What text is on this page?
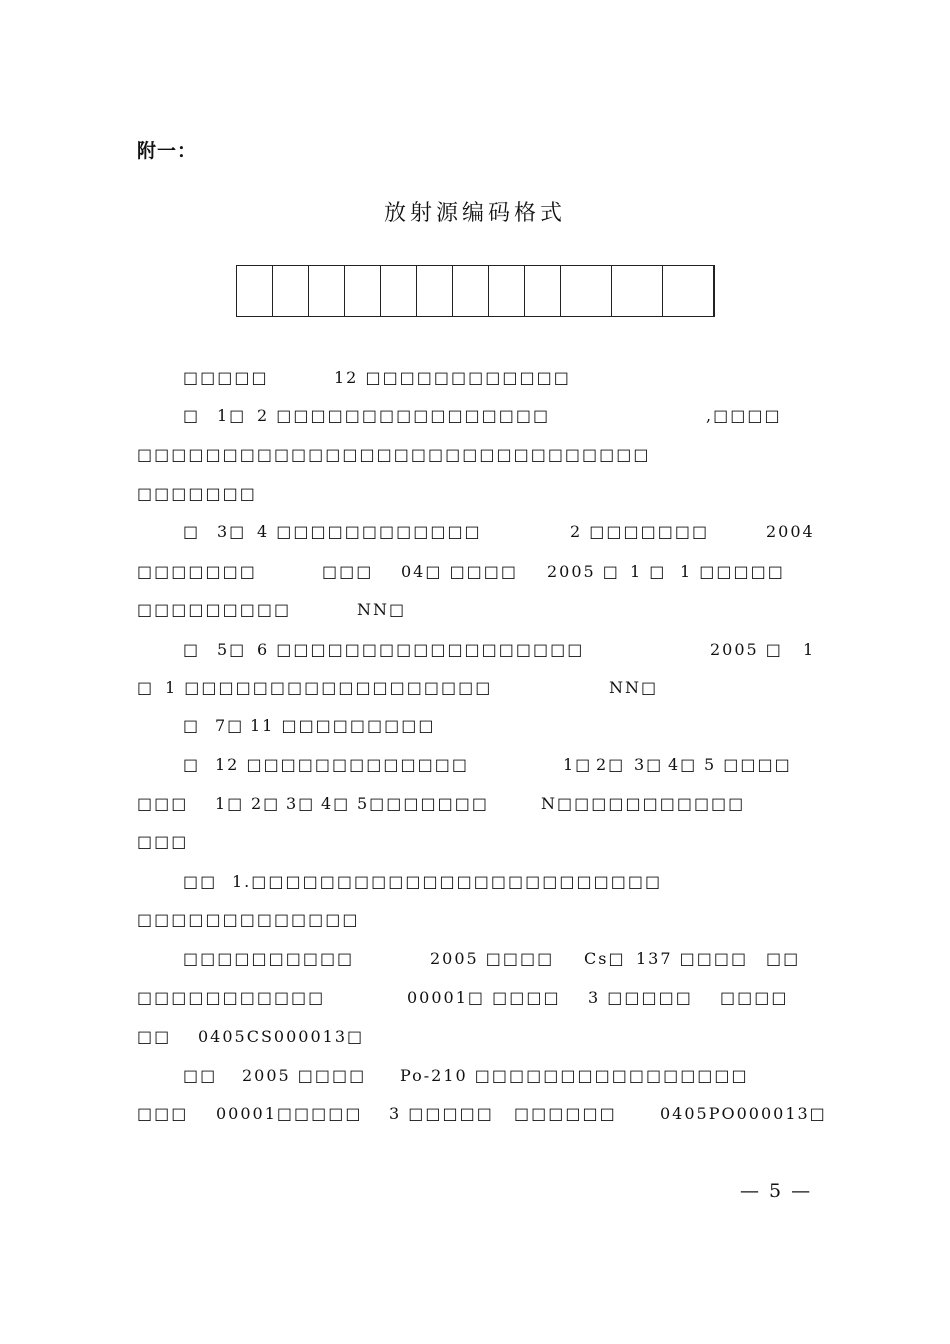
附一：
放射源编码格式
□□□□□	12 □□□□□□□□□□□□
□ 1□ 2 □□□□□□□□□□□□□□□□	,□□□□
□□□□□□□□□□□□□□□□□□□□□□□□□□□□□□
□□□□□□□
□ 3□ 4 □□□□□□□□□□□□	2 □□□□□□□	2004
□□□□□□□	□□□ 04□ □□□□ 2005 □ 1 □ 1 □□□□□
□□□□□□□□□	NN□
□ 5□ 6 □□□□□□□□□□□□□□□□□□	2005 □ 1
□ 1 □□□□□□□□□□□□□□□□□□	NN□
□ 7□ 11 □□□□□□□□□
□ 12 □□□□□□□□□□□□□	1□ 2□ 3□ 4□ 5 □□□□
□□□ 1□ 2□ 3□ 4□ 5□□□□□□□	N□□□□□□□□□□□
□□□
□□ 1.□□□□□□□□□□□□□□□□□□□□□□□□
□□□□□□□□□□□□□
□□□□□□□□□□	2005 □□□□ Cs□ 137 □□□□ □□
□□□□□□□□□□□	00001□ □□□□ 3 □□□□□ □□□□
□□ 0405CS000013□
□□ 2005 □□□□ Po-210 □□□□□□□□□□□□□□□□
□□□ 00001□□□□□ 3 □□□□□ □□□□□□	0405PO000013□
— 5 —
